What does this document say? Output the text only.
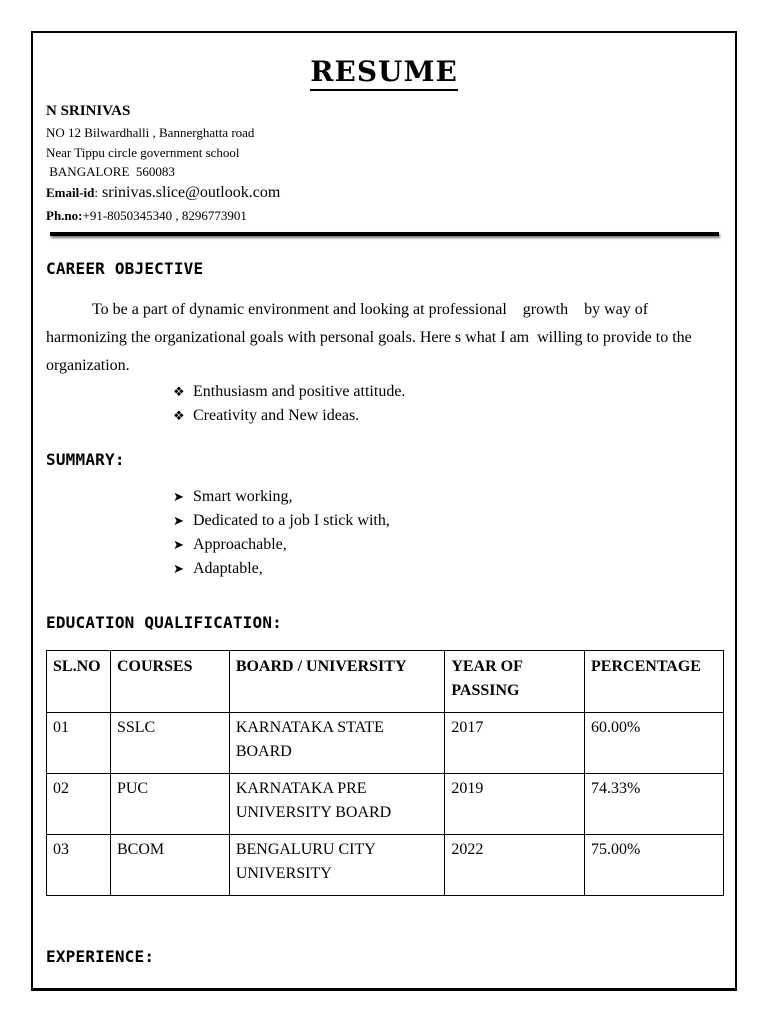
RESUME
N SRINIVAS
NO 12 Bilwardhalli , Bannerghatta road
Near Tippu circle government school
BANGALORE  560083
Email-id: srinivas.slice@outlook.com
Ph.no:+91-8050345340 , 8296773901
CAREER OBJECTIVE
To be a part of dynamic environment and looking at professional    growth    by way of harmonizing the organizational goals with personal goals. Here s what I am  willing to provide to the organization.
❖ Enthusiasm and positive attitude.
❖ Creativity and New ideas.
SUMMARY:
➤ Smart working,
➤ Dedicated to a job I stick with,
➤ Approachable,
➤ Adaptable,
EDUCATION QUALIFICATION:
SL.NO	COURSES	BOARD / UNIVERSITY	YEAR OF PASSING	PERCENTAGE
01	SSLC	KARNATAKA STATE BOARD	2017	60.00%
02	PUC	KARNATAKA PRE UNIVERSITY BOARD	2019	74.33%
03	BCOM	BENGALURU CITY UNIVERSITY	2022	75.00%
EXPERIENCE:
